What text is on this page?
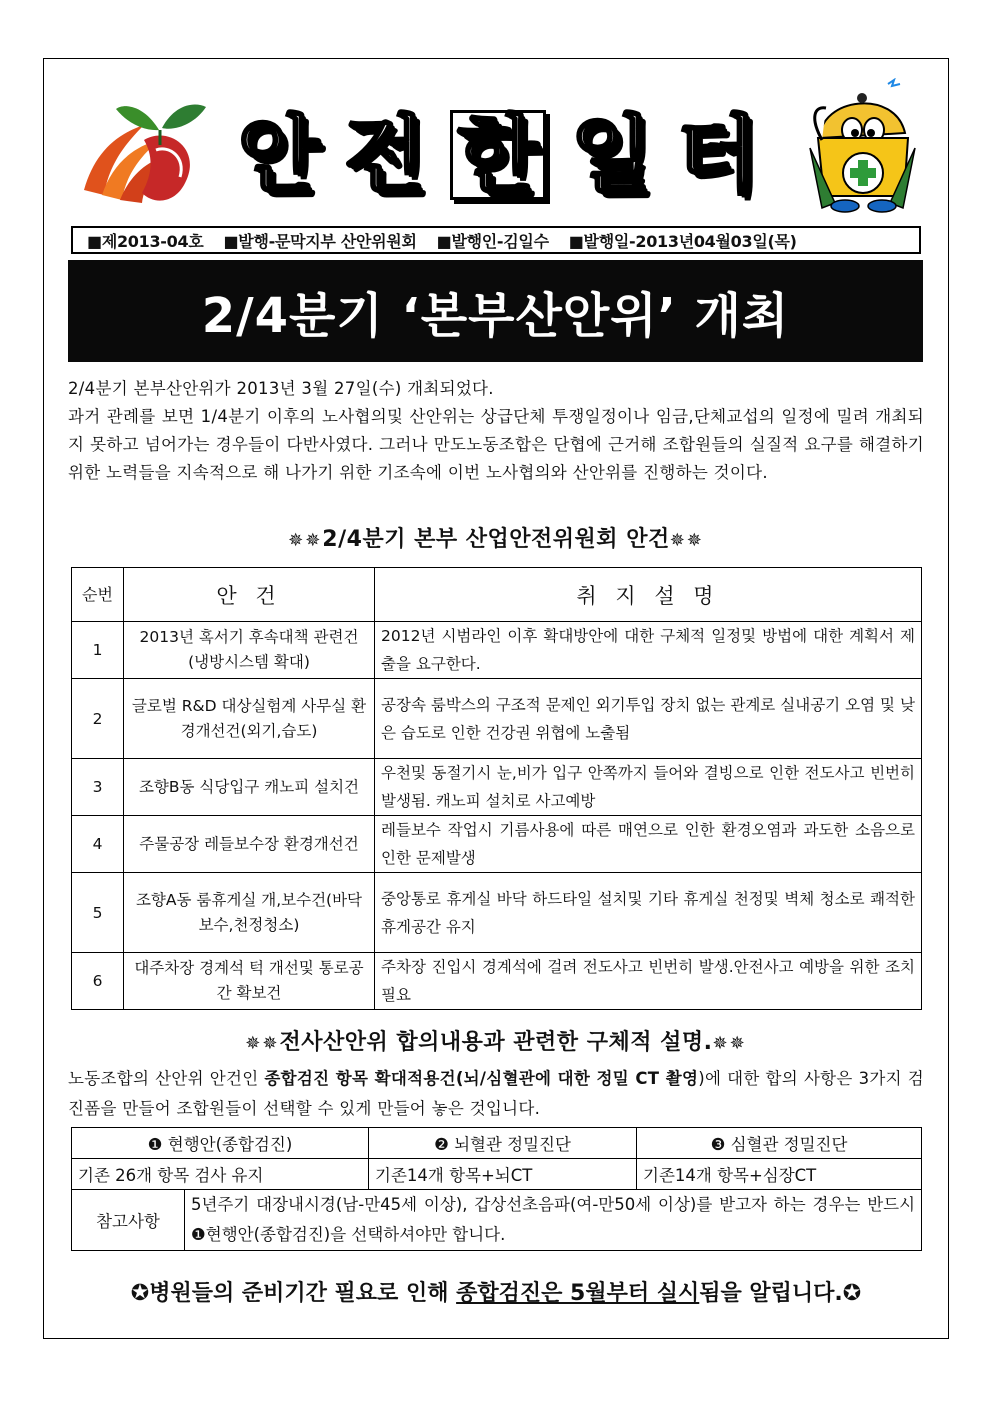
안 전 한 일 터
■제2013-04호 ■발행-문막지부 산안위원회 ■발행인-김일수 ■발행일-2013년04월03일(목)
2/4분기 ‘본부산안위’ 개최

2/4분기 본부산안위가 2013년 3월 27일(수) 개최되었다.

과거 관례를 보면 1/4분기 이후의 노사협의및 산안위는 상급단체 투쟁일정이나 임금,단체교섭의 일정에 밀려 개최되지 못하고 넘어가는 경우들이 다반사였다. 그러나 만도노동조합은 단협에 근거해 조합원들의 실질적 요구를 해결하기 위한 노력들을 지속적으로 해 나가기 위한 기조속에 이번 노사협의와 산안위를 진행하는 것이다.

✵✵2/4분기 본부 산업안전위원회 안건✵✵
순번	안 건	취 지 설 명
1	2013년 혹서기 후속대책 관련건 (냉방시스템 확대)	2012년 시범라인 이후 확대방안에 대한 구체적 일정및 방법에 대한 계획서 제출을 요구한다.
2	글로벌 R&D 대상실험계 사무실 환경개선건(외기,습도)	공장속 룸박스의 구조적 문제인 외기투입 장치 없는 관계로 실내공기 오염 및 낮은 습도로 인한 건강권 위협에 노출됨
3	조향B동 식당입구 캐노피 설치건	우천및 동절기시 눈,비가 입구 안쪽까지 들어와 결빙으로 인한 전도사고 빈번히 발생됨. 캐노피 설치로 사고예방
4	주물공장 레들보수장 환경개선건	레들보수 작업시 기름사용에 따른 매연으로 인한 환경오염과 과도한 소음으로 인한 문제발생
5	조향A동 룸휴게실 개,보수건(바닥보수,천정청소)	중앙통로 휴게실 바닥 하드타일 설치및 기타 휴게실 천정및 벽체 청소로 쾌적한 휴게공간 유지
6	대주차장 경계석 턱 개선및 통로공간 확보건	주차장 진입시 경계석에 걸려 전도사고 빈번히 발생.안전사고 예방을 위한 조치 필요
✵✵전사산안위 합의내용과 관련한 구체적 설명.✵✵

노동조합의 산안위 안건인 종합검진 항목 확대적용건(뇌/심혈관에 대한 정밀 CT 촬영)에 대한 합의 사항은 3가지 검진폼을 만들어 조합원들이 선택할 수 있게 만들어 놓은 것입니다.

❶ 현행안(종합검진)		❷ 뇌혈관 정밀진단	❸ 심혈관 정밀진단
기존 26개 항목 검사 유지		기존14개 항목+뇌CT	기존14개 항목+심장CT
참고사항	5년주기 대장내시경(남-만45세 이상), 갑상선초음파(여-만50세 이상)를 받고자 하는 경우는 반드시 ❶현행안(종합검진)을 선택하셔야만 합니다.		
✪병원들의 준비기간 필요로 인해 종합검진은 5월부터 실시됨을 알립니다.✪
